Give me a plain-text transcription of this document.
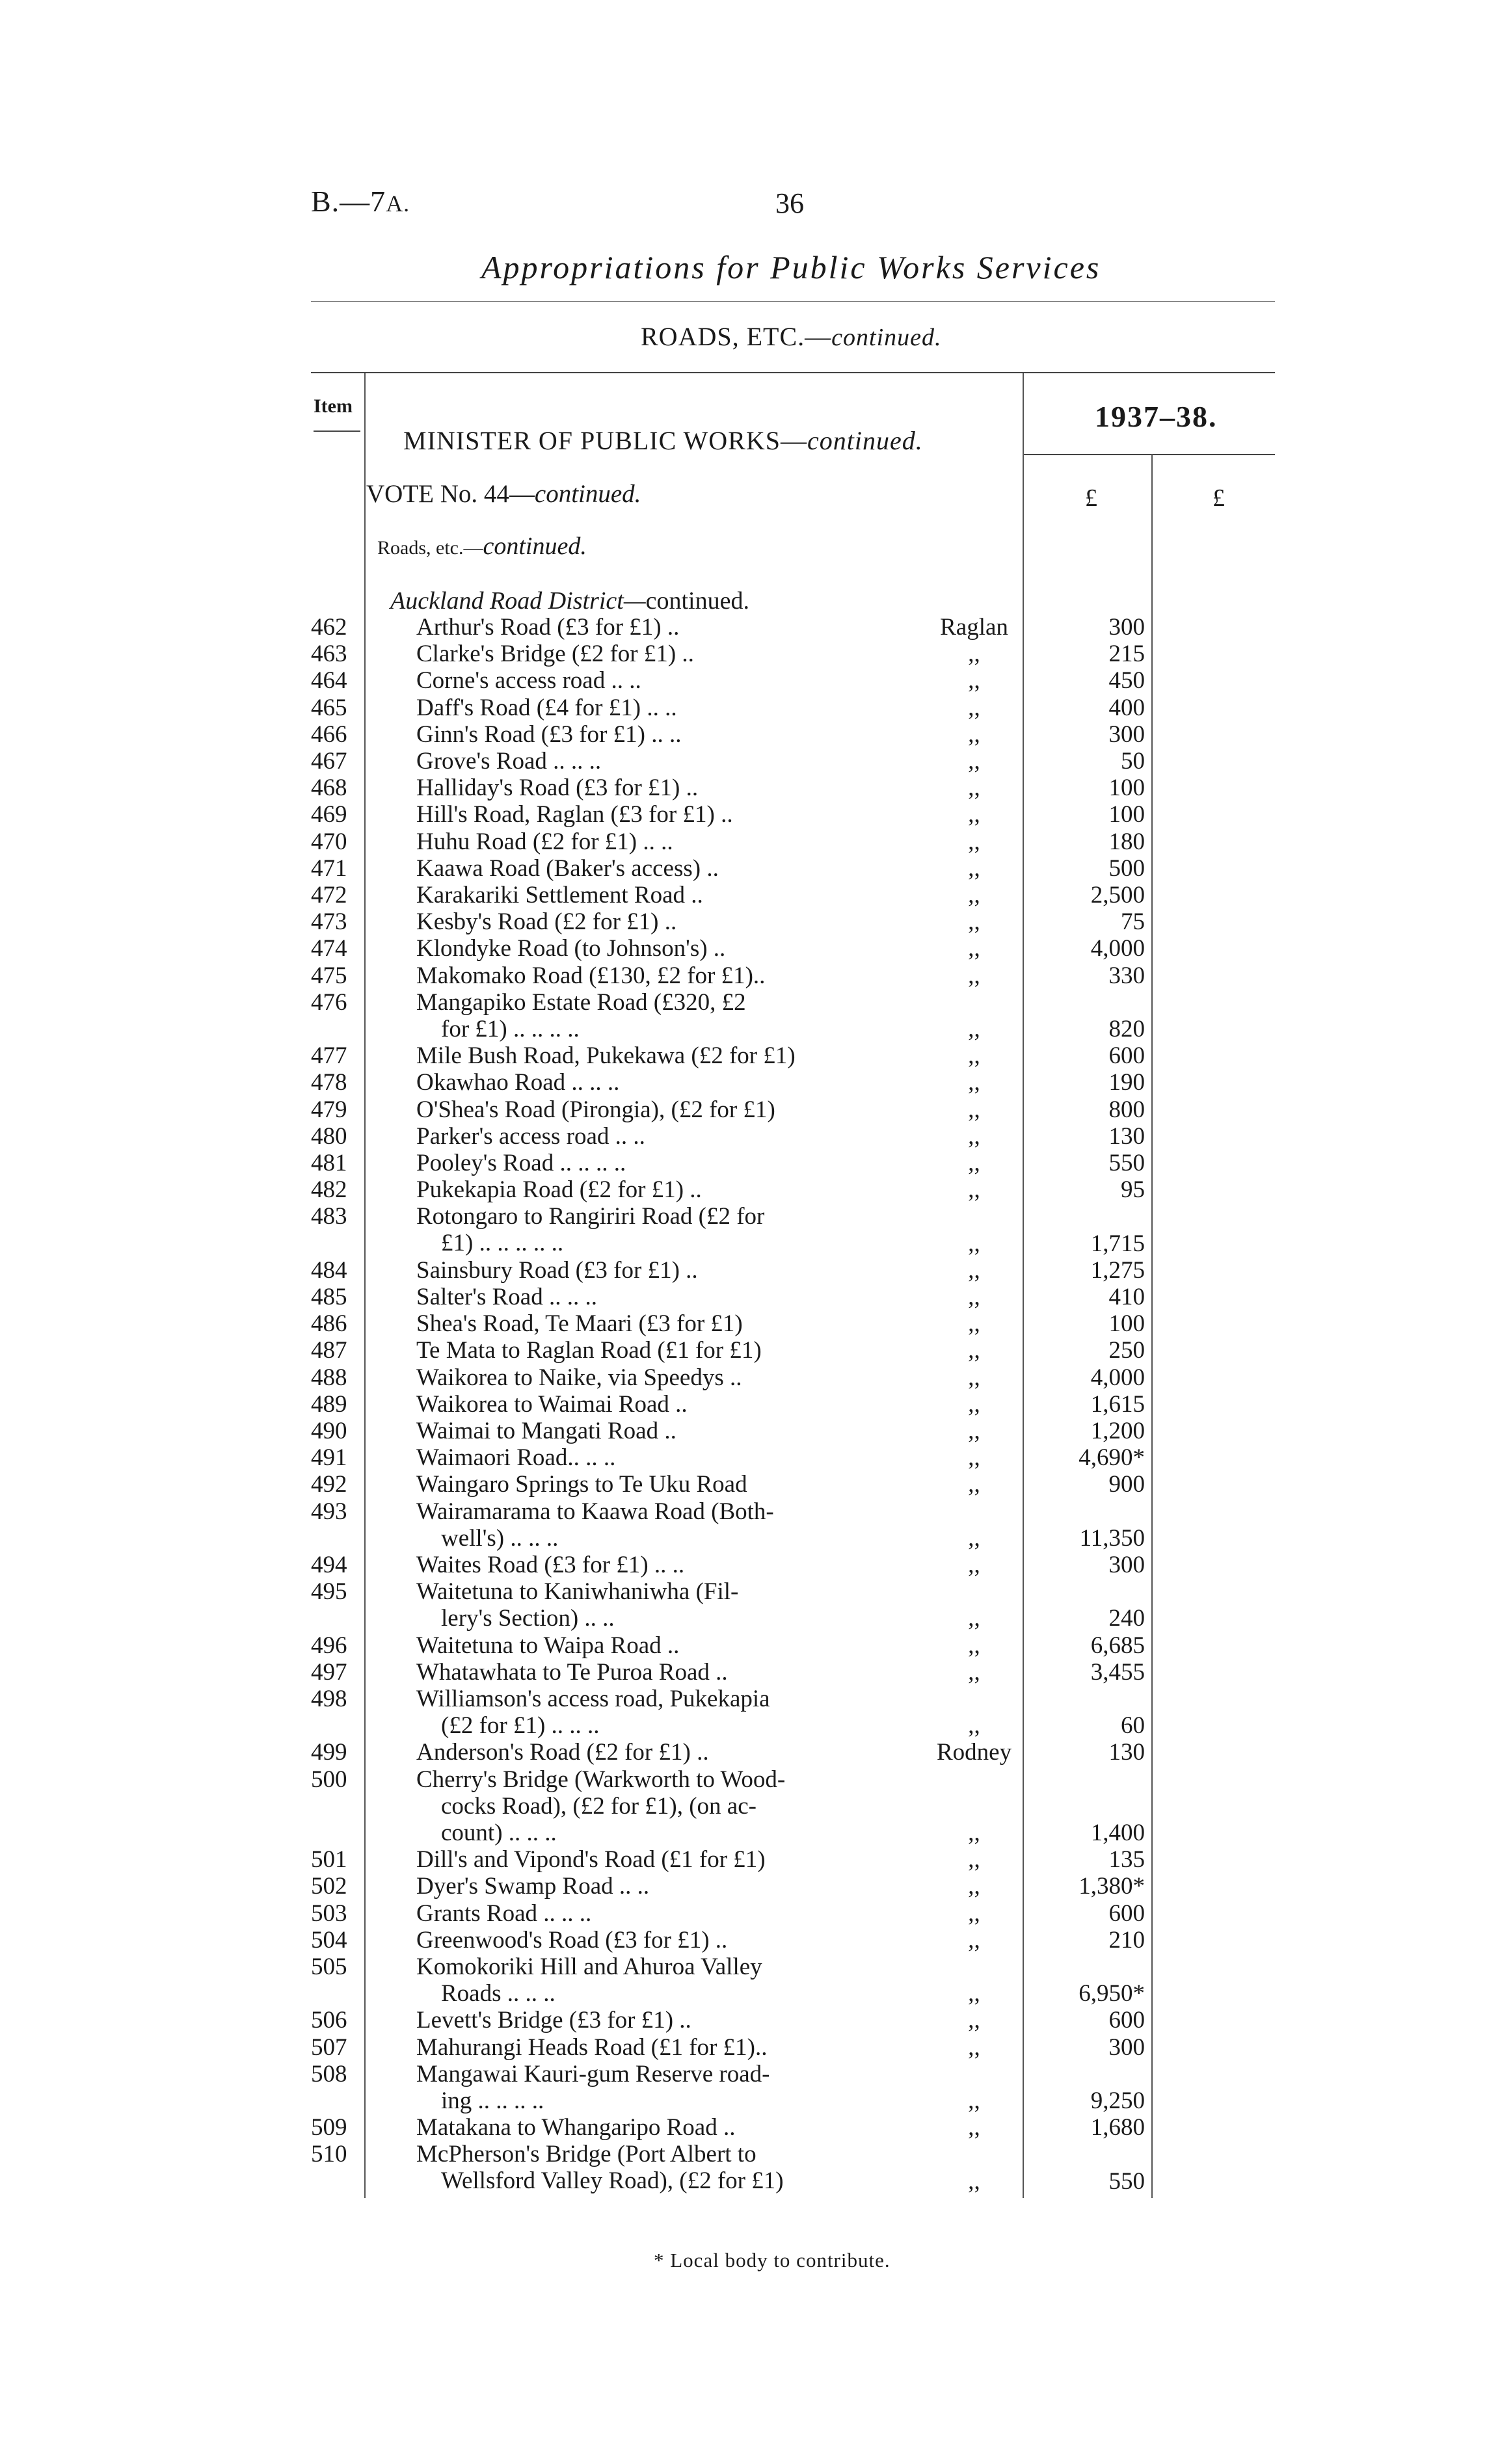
B.—7A.	36
Appropriations for Public Works Services
ROADS, ETC.—continued.
Item	1937–38.
MINISTER OF PUBLIC WORKS—continued.
VOTE No. 44—continued.	£	£
Roads, etc.—continued.
Auckland Road District—continued.
462	Arthur's Road (£3 for £1) ..	Raglan	300
463	Clarke's Bridge (£2 for £1) ..	,,	215
464	Corne's access road .. ..	,,	450
465	Daff's Road (£4 for £1) .. ..	,,	400
466	Ginn's Road (£3 for £1) .. ..	,,	300
467	Grove's Road .. .. ..	,,	50
468	Halliday's Road (£3 for £1) ..	,,	100
469	Hill's Road, Raglan (£3 for £1) ..	,,	100
470	Huhu Road (£2 for £1) .. ..	,,	180
471	Kaawa Road (Baker's access) ..	,,	500
472	Karakariki Settlement Road ..	,,	2,500
473	Kesby's Road (£2 for £1) ..	,,	75
474	Klondyke Road (to Johnson's) ..	,,	4,000
475	Makomako Road (£130, £2 for £1)..	,,	330
476	Mangapiko Estate Road (£320, £2
for £1) .. .. .. ..	,,	820
477	Mile Bush Road, Pukekawa (£2 for £1)	,,	600
478	Okawhao Road .. .. ..	,,	190
479	O'Shea's Road (Pirongia), (£2 for £1)	,,	800
480	Parker's access road .. ..	,,	130
481	Pooley's Road .. .. .. ..	,,	550
482	Pukekapia Road (£2 for £1) ..	,,	95
483	Rotongaro to Rangiriri Road (£2 for
£1) .. .. .. .. ..	,,	1,715
484	Sainsbury Road (£3 for £1) ..	,,	1,275
485	Salter's Road .. .. ..	,,	410
486	Shea's Road, Te Maari (£3 for £1)	,,	100
487	Te Mata to Raglan Road (£1 for £1)	,,	250
488	Waikorea to Naike, via Speedys ..	,,	4,000
489	Waikorea to Waimai Road ..	,,	1,615
490	Waimai to Mangati Road ..	,,	1,200
491	Waimaori Road.. .. ..	,,	4,690*
492	Waingaro Springs to Te Uku Road	,,	900
493	Wairamarama to Kaawa Road (Both-
well's) .. .. ..	,,	11,350
494	Waites Road (£3 for £1) .. ..	,,	300
495	Waitetuna to Kaniwhaniwha (Fil-
lery's Section) .. ..	,,	240
496	Waitetuna to Waipa Road ..	,,	6,685
497	Whatawhata to Te Puroa Road ..	,,	3,455
498	Williamson's access road, Pukekapia
(£2 for £1) .. .. ..	,,	60
499	Anderson's Road (£2 for £1) ..	Rodney	130
500	Cherry's Bridge (Warkworth to Wood-
cocks Road), (£2 for £1), (on ac-
count) .. .. ..	,,	1,400
501	Dill's and Vipond's Road (£1 for £1)	,,	135
502	Dyer's Swamp Road .. ..	,,	1,380*
503	Grants Road .. .. ..	,,	600
504	Greenwood's Road (£3 for £1) ..	,,	210
505	Komokoriki Hill and Ahuroa Valley
Roads .. .. ..	,,	6,950*
506	Levett's Bridge (£3 for £1) ..	,,	600
507	Mahurangi Heads Road (£1 for £1)..	,,	300
508	Mangawai Kauri-gum Reserve road-
ing .. .. .. ..	,,	9,250
509	Matakana to Whangaripo Road ..	,,	1,680
510	McPherson's Bridge (Port Albert to
Wellsford Valley Road), (£2 for £1)	,,	550
* Local body to contribute.
